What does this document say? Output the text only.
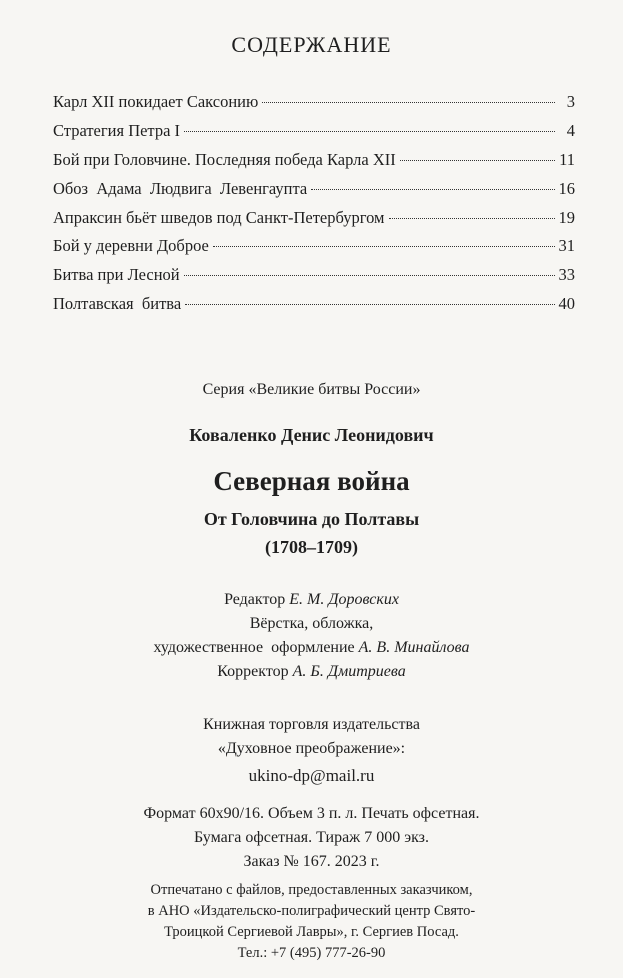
СОДЕРЖАНИЕ
Карл XII покидает Саксонию	3
Стратегия Петра I	4
Бой при Головчине. Последняя победа Карла XII	11
Обоз  Адама  Людвига  Левенгаупта	16
Апраксин бьёт шведов под Санкт-Петербургом	19
Бой у деревни Доброе	31
Битва при Лесной	33
Полтавская  битва	40
Серия «Великие битвы России»
Коваленко Денис Леонидович
Северная война
От Головчина до Полтавы
(1708–1709)
Редактор Е. М. Доровских
Вёрстка, обложка,
художественное  оформление А. В. Минайлова
Корректор А. Б. Дмитриева
Книжная торговля издательства
«Духовное преображение»:
ukino-dp@mail.ru
Формат 60х90/16. Объем 3 п. л. Печать офсетная.
Бумага офсетная. Тираж 7 000 экз.
Заказ № 167. 2023 г.
Отпечатано с файлов, предоставленных заказчиком,
в АНО «Издательско-полиграфический центр Свято-
Троицкой Сергиевой Лавры», г. Сергиев Посад.
Тел.: +7 (495) 777-26-90
